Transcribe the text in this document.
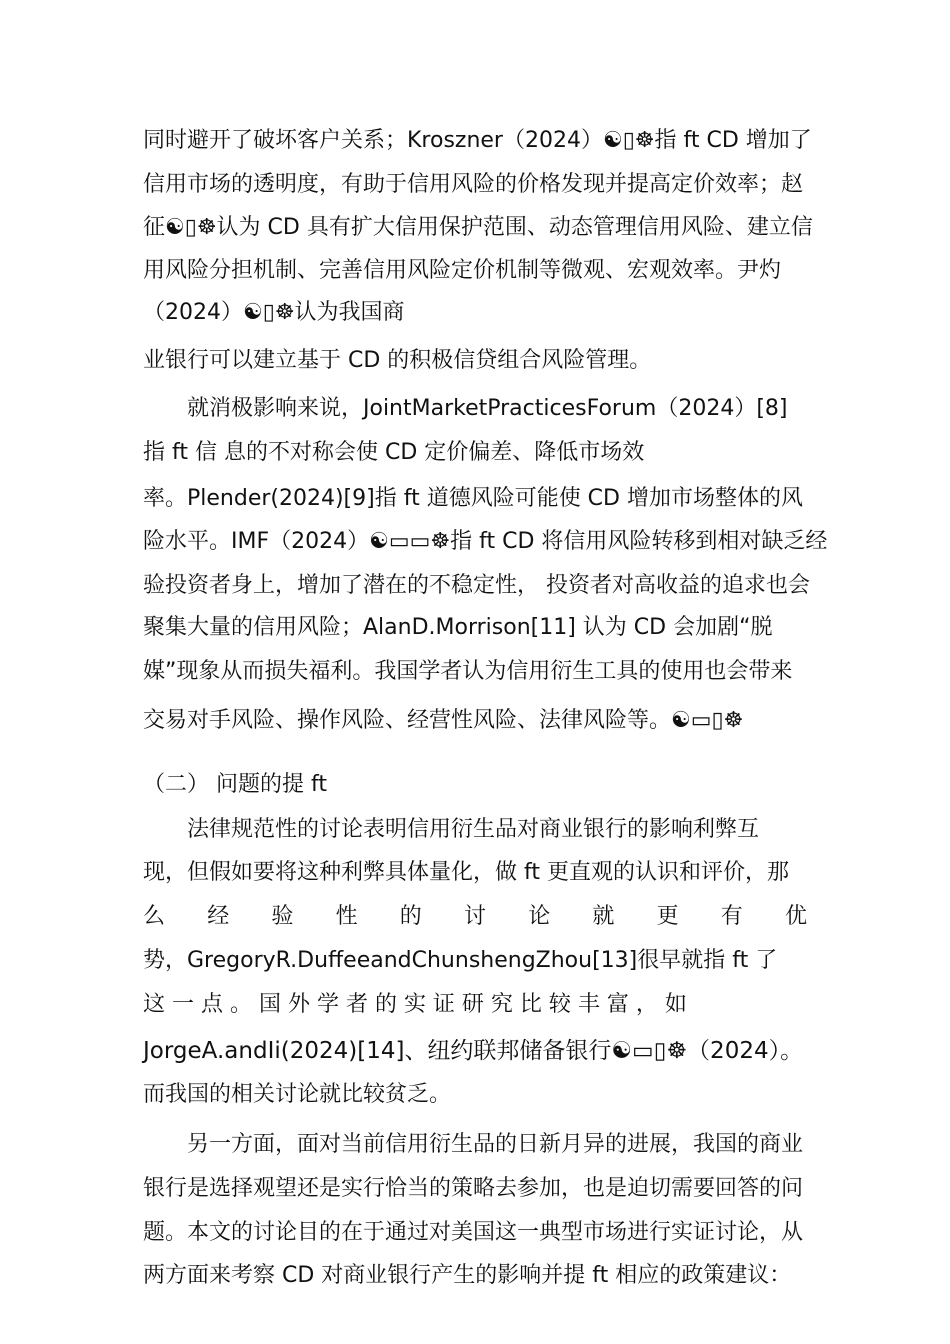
同时避开了破坏客户关系；Kroszner（2024）☯▯☸指 ft CD 增加了
信用市场的透明度，有助于信用风险的价格发现并提高定价效率；赵
征☯▯☸认为 CD 具有扩大信用保护范围、动态管理信用风险、建立信
用风险分担机制、完善信用风险定价机制等微观、宏观效率。尹灼
（2024）☯▯☸认为我国商
业银行可以建立基于 CD 的积极信贷组合风险管理。
就消极影响来说，JointMarketPracticesForum（2024）[8]
指 ft 信 息的不对称会使 CD 定价偏差、降低市场效
率。Plender(2024)[9]指 ft 道德风险可能使 CD 增加市场整体的风
险水平。IMF（2024）☯▭▭☸指 ft CD 将信用风险转移到相对缺乏经
验投资者身上，增加了潜在的不稳定性， 投资者对高收益的追求也会
聚集大量的信用风险；AlanD.Morrison[11] 认为 CD 会加剧“脱
媒”现象从而损失福利。我国学者认为信用衍生工具的使用也会带来
交易对手风险、操作风险、经营性风险、法律风险等。☯▭▯☸
（二） 问题的提 ft
法律规范性的讨论表明信用衍生品对商业银行的影响利弊互
现，但假如要将这种利弊具体量化，做 ft 更直观的认识和评价，那
么 经 验 性 的 讨 论 就 更 有 优
势，GregoryR.DuffeeandChunshengZhou[13]很早就指 ft 了
这 一 点 。 国 外 学 者 的 实 证 研 究 比 较 丰 富 ， 如
JorgeA.andIi(2024)[14]、纽约联邦储备银行☯▭▯☸（2024）。
而我国的相关讨论就比较贫乏。
另一方面，面对当前信用衍生品的日新月异的进展，我国的商业
银行是选择观望还是实行恰当的策略去参加，也是迫切需要回答的问
题。本文的讨论目的在于通过对美国这一典型市场进行实证讨论，从
两方面来考察 CD 对商业银行产生的影响并提 ft 相应的政策建议：
